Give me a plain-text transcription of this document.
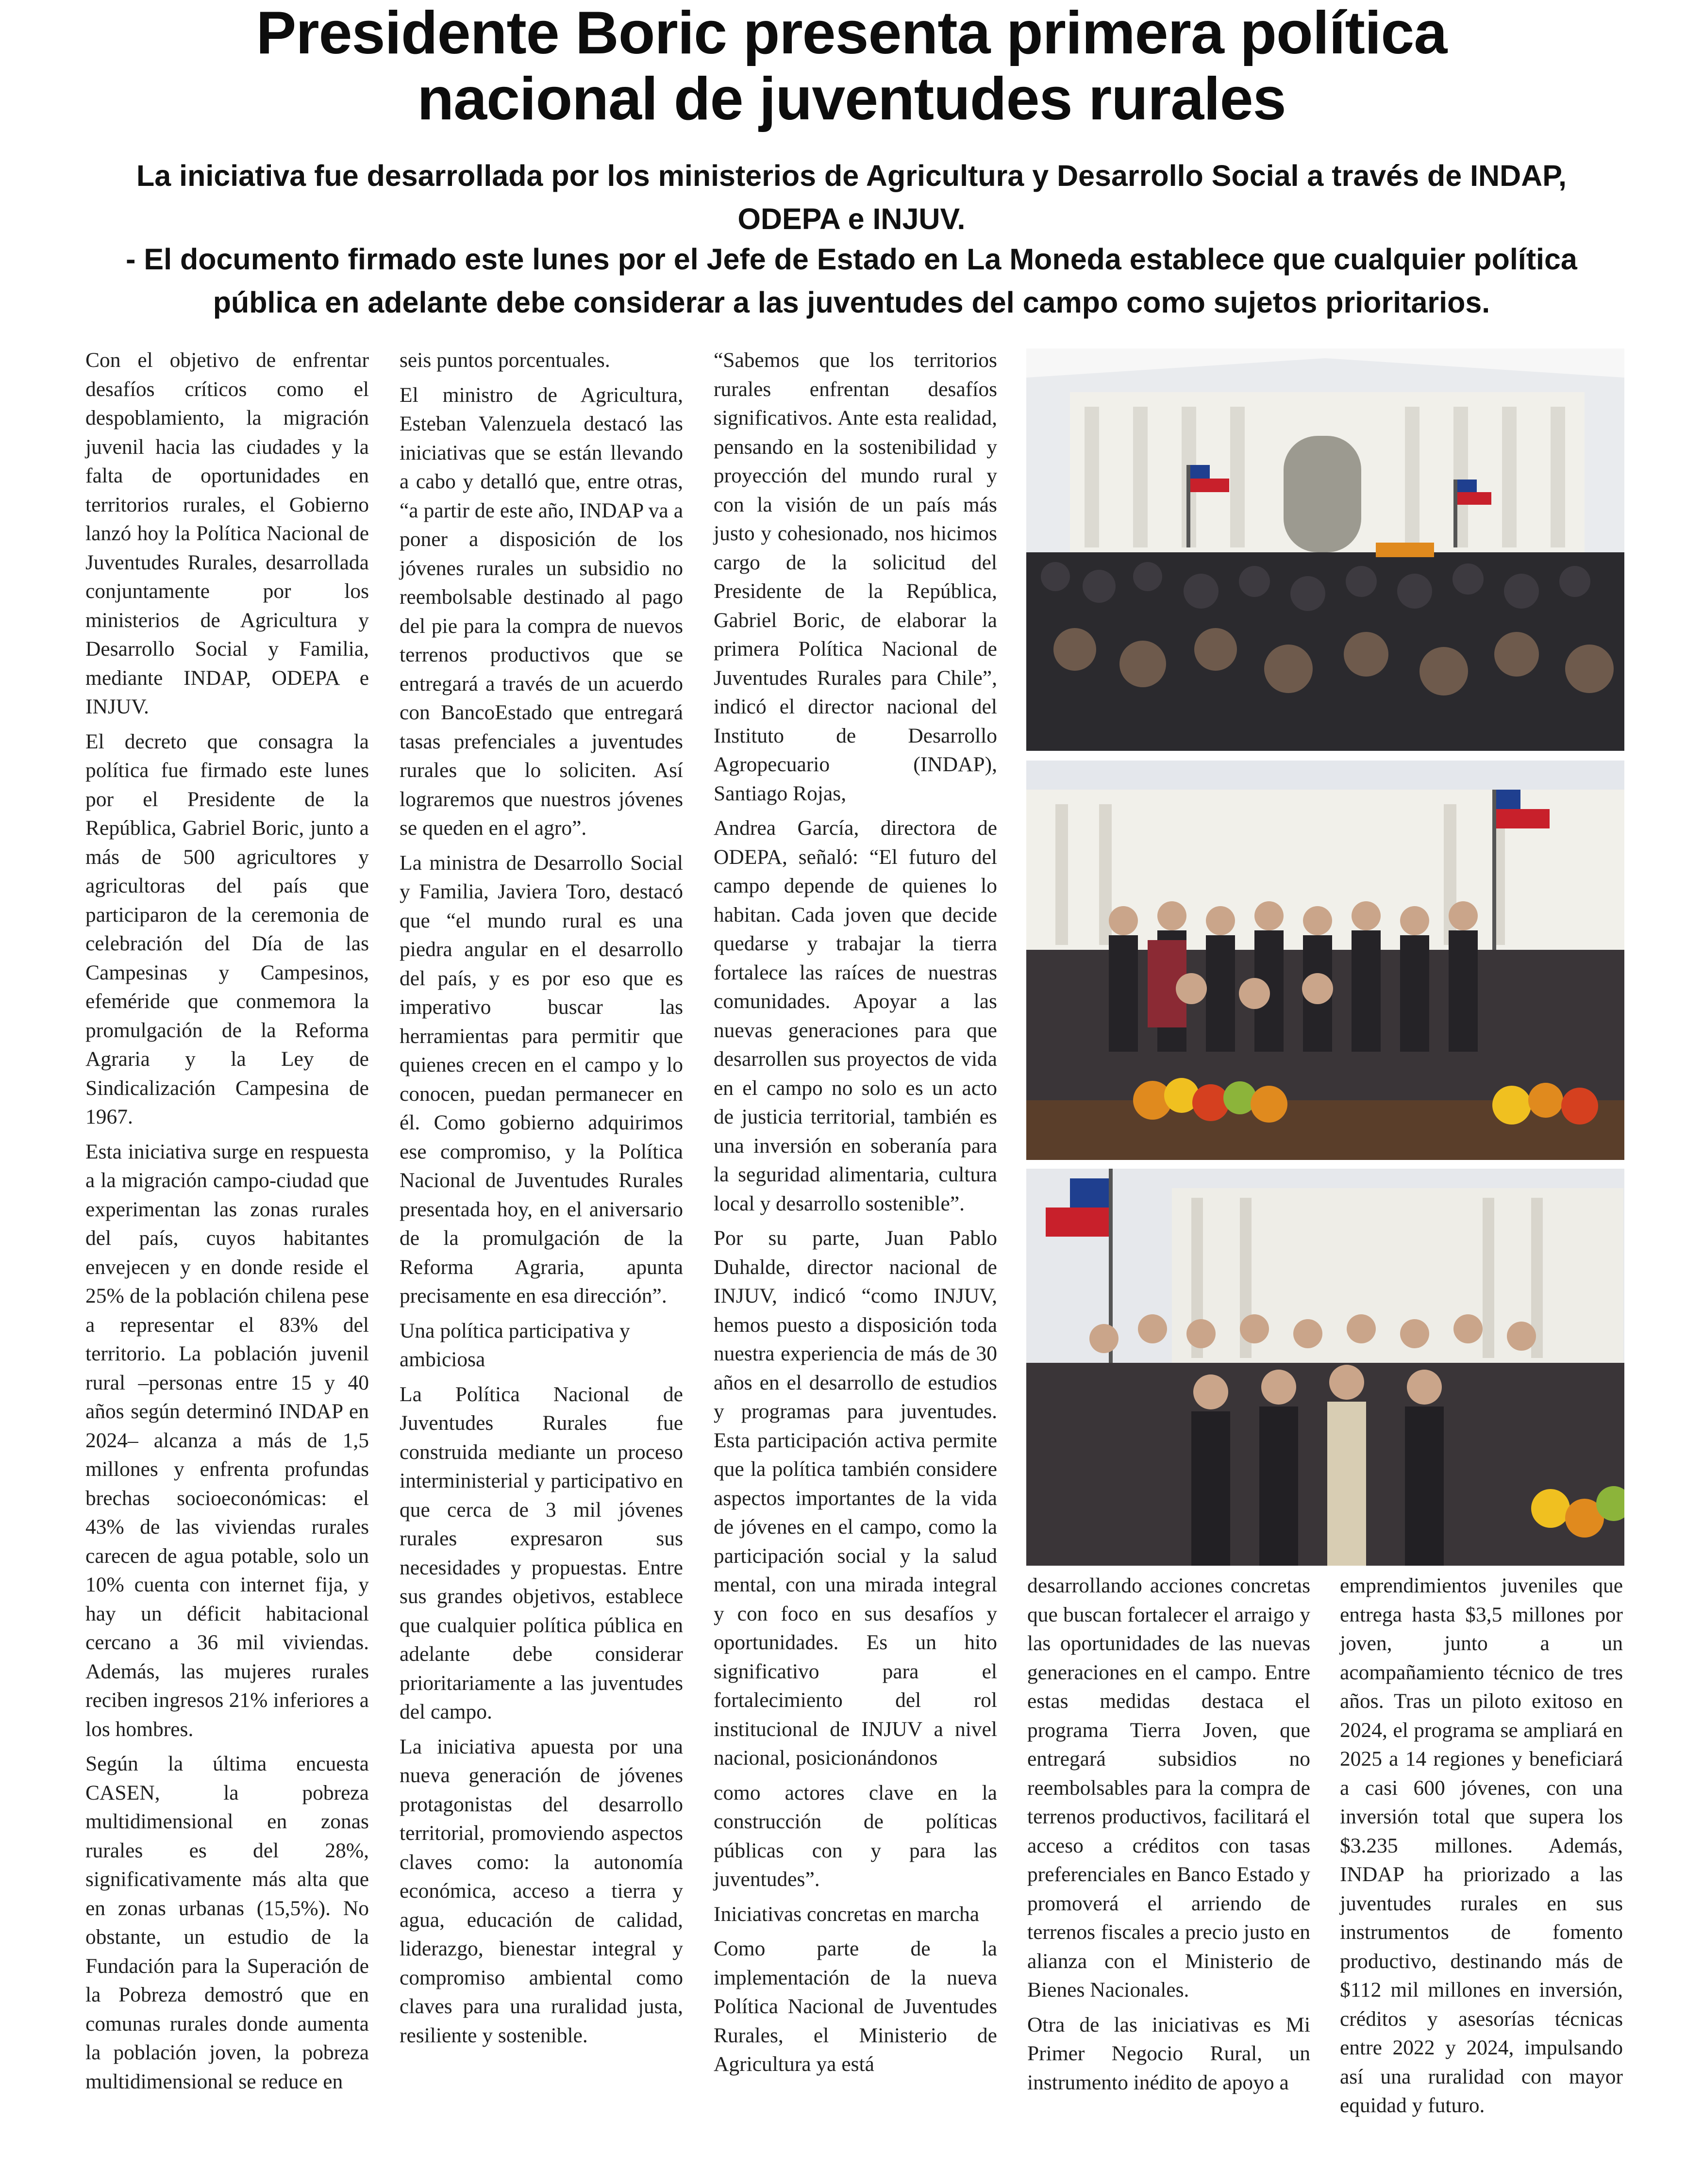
Presidente Boric presenta primera política
nacional de juventudes rurales

La iniciativa fue desarrollada por los ministerios de Agricultura y Desarrollo Social a través de INDAP,
ODEPA e INJUV.

- El documento firmado este lunes por el Jefe de Estado en La Moneda establece que cualquier política
pública en adelante debe considerar a las juventudes del campo como sujetos prioritarios.

Con el objetivo de enfrentar desafíos críticos como el despoblamiento, la migración juvenil hacia las ciudades y la falta de oportunidades en territorios rurales, el Gobierno lanzó hoy la Política Nacional de Juventudes Rurales, desarrollada conjuntamente por los ministerios de Agricultura y Desarrollo Social y Familia, mediante INDAP, ODEPA e INJUV.

El decreto que consagra la política fue firmado este lunes por el Presidente de la República, Gabriel Boric, junto a más de 500 agricultores y agricultoras del país que participaron de la ceremonia de celebración del Día de las Campesinas y Campesinos, efeméride que conmemora la promulgación de la Reforma Agraria y la Ley de Sindicalización Campesina de 1967.

Esta iniciativa surge en respuesta a la migración campo-ciudad que experimentan las zonas rurales del país, cuyos habitantes envejecen y en donde reside el 25% de la población chilena pese a representar el 83% del territorio. La población juvenil rural –personas entre 15 y 40 años según determinó INDAP en 2024– alcanza a más de 1,5 millones y enfrenta profundas brechas socioeconómicas: el 43% de las viviendas rurales carecen de agua potable, solo un 10% cuenta con internet fija, y hay un déficit habitacional cercano a 36 mil viviendas. Además, las mujeres rurales reciben ingresos 21% inferiores a los hombres.

Según la última encuesta CASEN, la pobreza multidimensional en zonas rurales es del 28%, significativamente más alta que en zonas urbanas (15,5%). No obstante, un estudio de la Fundación para la Superación de la Pobreza demostró que en comunas rurales donde aumenta la población joven, la pobreza multidimensional se reduce en

seis puntos porcentuales.

El ministro de Agricultura, Esteban Valenzuela destacó las iniciativas que se están llevando a cabo y detalló que, entre otras, “a partir de este año, INDAP va a poner a disposición de los jóvenes rurales un subsidio no reembolsable destinado al pago del pie para la compra de nuevos terrenos productivos que se entregará a través de un acuerdo con BancoEstado que entregará tasas prefenciales a juventudes rurales que lo soliciten. Así lograremos que nuestros jóvenes se queden en el agro”.

La ministra de Desarrollo Social y Familia, Javiera Toro, destacó que “el mundo rural es una piedra angular en el desarrollo del país, y es por eso que es imperativo buscar las herramientas para permitir que quienes crecen en el campo y lo conocen, puedan permanecer en él. Como gobierno adquirimos ese compromiso, y la Política Nacional de Juventudes Rurales presentada hoy, en el aniversario de la promulgación de la Reforma Agraria, apunta precisamente en esa dirección”.

Una política participativa y ambiciosa

La Política Nacional de Juventudes Rurales fue construida mediante un proceso interministerial y participativo en que cerca de 3 mil jóvenes rurales expresaron sus necesidades y propuestas. Entre sus grandes objetivos, establece que cualquier política pública en adelante debe considerar prioritariamente a las juventudes del campo.

La iniciativa apuesta por una nueva generación de jóvenes protagonistas del desarrollo territorial, promoviendo aspectos claves como: la autonomía económica, acceso a tierra y agua, educación de calidad, liderazgo, bienestar integral y compromiso ambiental como claves para una ruralidad justa, resiliente y sostenible.

“Sabemos que los territorios rurales enfrentan desafíos significativos. Ante esta realidad, pensando en la sostenibilidad y proyección del mundo rural y con la visión de un país más justo y cohesionado, nos hicimos cargo de la solicitud del Presidente de la República, Gabriel Boric, de elaborar la primera Política Nacional de Juventudes Rurales para Chile”, indicó el director nacional del Instituto de Desarrollo Agropecuario (INDAP), Santiago Rojas,

Andrea García, directora de ODEPA, señaló: “El futuro del campo depende de quienes lo habitan. Cada joven que decide quedarse y trabajar la tierra fortalece las raíces de nuestras comunidades. Apoyar a las nuevas generaciones para que desarrollen sus proyectos de vida en el campo no solo es un acto de justicia territorial, también es una inversión en soberanía para la seguridad alimentaria, cultura local y desarrollo sostenible”.

Por su parte, Juan Pablo Duhalde, director nacional de INJUV, indicó “como INJUV, hemos puesto a disposición toda nuestra experiencia de más de 30 años en el desarrollo de estudios y programas para juventudes. Esta participación activa permite que la política también considere aspectos importantes de la vida de jóvenes en el campo, como la participación social y la salud mental, con una mirada integral y con foco en sus desafíos y oportunidades. Es un hito significativo para el fortalecimiento del rol institucional de INJUV a nivel nacional, posicionándonos

como actores clave en la construcción de políticas públicas con y para las juventudes”.

Iniciativas concretas en marcha

Como parte de la implementación de la nueva Política Nacional de Juventudes Rurales, el Ministerio de Agricultura ya está

desarrollando acciones concretas que buscan fortalecer el arraigo y las oportunidades de las nuevas generaciones en el campo. Entre estas medidas destaca el programa Tierra Joven, que entregará subsidios no reembolsables para la compra de terrenos productivos, facilitará el acceso a créditos con tasas preferenciales en Banco Estado y promoverá el arriendo de terrenos fiscales a precio justo en alianza con el Ministerio de Bienes Nacionales.

Otra de las iniciativas es Mi Primer Negocio Rural, un instrumento inédito de apoyo a

emprendimientos juveniles que entrega hasta $3,5 millones por joven, junto a un acompañamiento técnico de tres años. Tras un piloto exitoso en 2024, el programa se ampliará en 2025 a 14 regiones y beneficiará a casi 600 jóvenes, con una inversión total que supera los $3.235 millones. Además, INDAP ha priorizado a las juventudes rurales en sus instrumentos de fomento productivo, destinando más de $112 mil millones en inversión, créditos y asesorías técnicas entre 2022 y 2024, impulsando así una ruralidad con mayor equidad y futuro.
